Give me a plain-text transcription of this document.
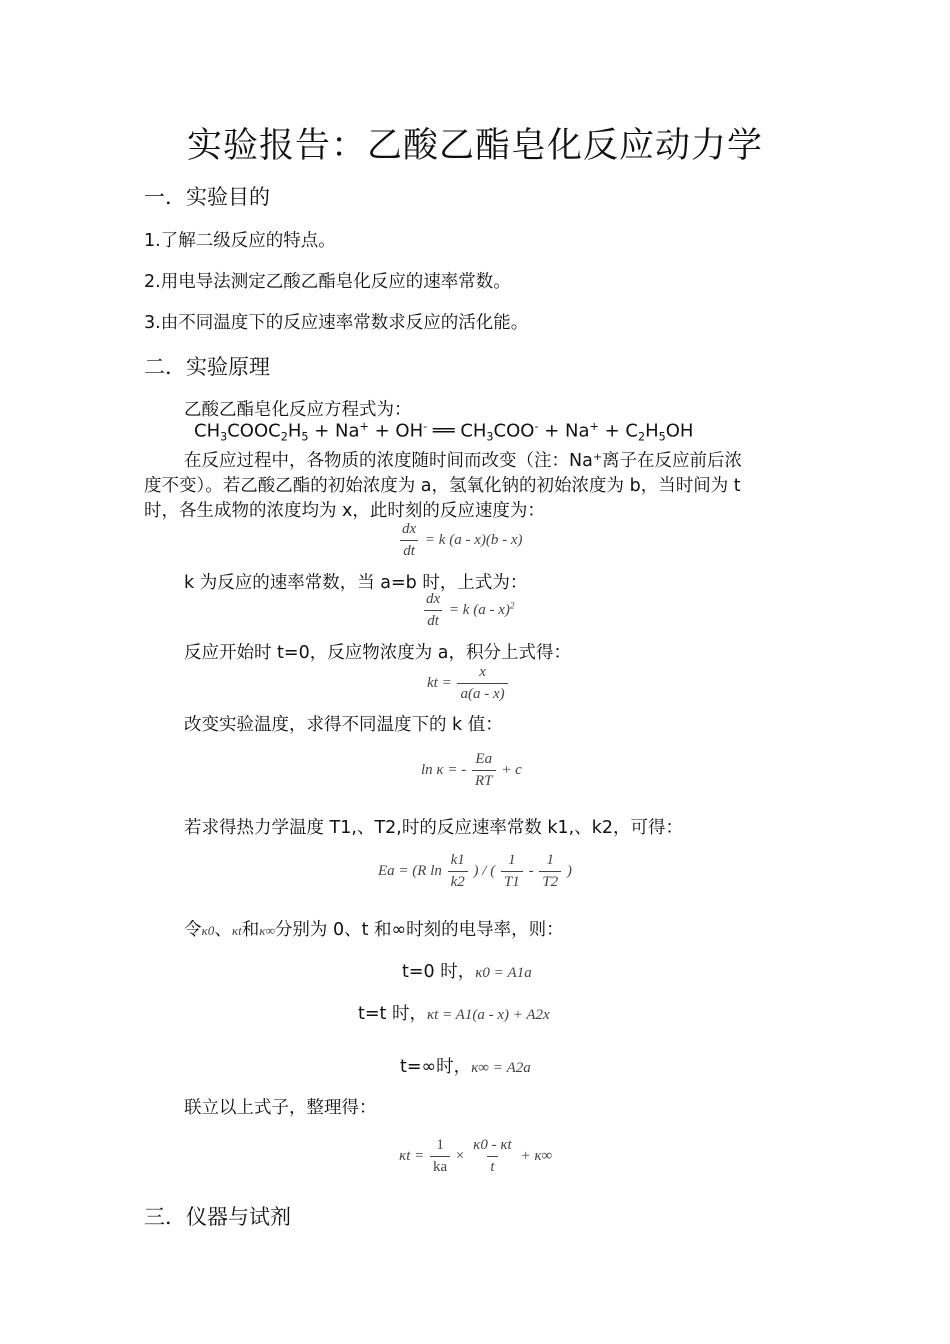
实验报告：乙酸乙酯皂化反应动力学
一．实验目的
1.了解二级反应的特点。
2.用电导法测定乙酸乙酯皂化反应的速率常数。
3.由不同温度下的反应速率常数求反应的活化能。
二．实验原理
乙酸乙酯皂化反应方程式为：
$CH_3COOC_2H_5 + Na^+ + OH^-$ ══ $CH_3COO^- + Na^+ + C_2H_5OH$
在反应过程中，各物质的浓度随时间而改变（注：Na⁺离子在反应前后浓
度不变）。若乙酸乙酯的初始浓度为 a，氢氧化钠的初始浓度为 b，当时间为 t
时，各生成物的浓度均为 x，此时刻的反应速度为：
$\frac{dx}{dt} = k$ (a - x)(b - x)
k 为反应的速率常数，当 a=b 时，上式为：
$\frac{dx}{dt} = k$ (a - x)$^2$
反应开始时 t=0，反应物浓度为 a，积分上式得：
kt = $\frac{x}{a(a - x)}$
改变实验温度，求得不同温度下的 k 值：
ln κ = - $\frac{Ea}{RT} + c$
若求得热力学温度 T1,、T2,时的反应速率常数 k1,、k2，可得：
Ea = (R $\ln \frac{k1}{k2}$ ) / ( $\frac{1}{T1} - \frac{1}{T2}$ )
令κ0、κt和κ∞分别为 0、t 和∞时刻的电导率，则：
t=0 时，κ0 = A1a
t=t 时，κt = A1(a - x) + A2x
t=∞时，κ∞ = A2a
联立以上式子，整理得：
$\kappa t = \frac{1}{ka} \times \frac{\kappa 0 - \kappa t}{t} + \kappa\infty$
三．仪器与试剂
